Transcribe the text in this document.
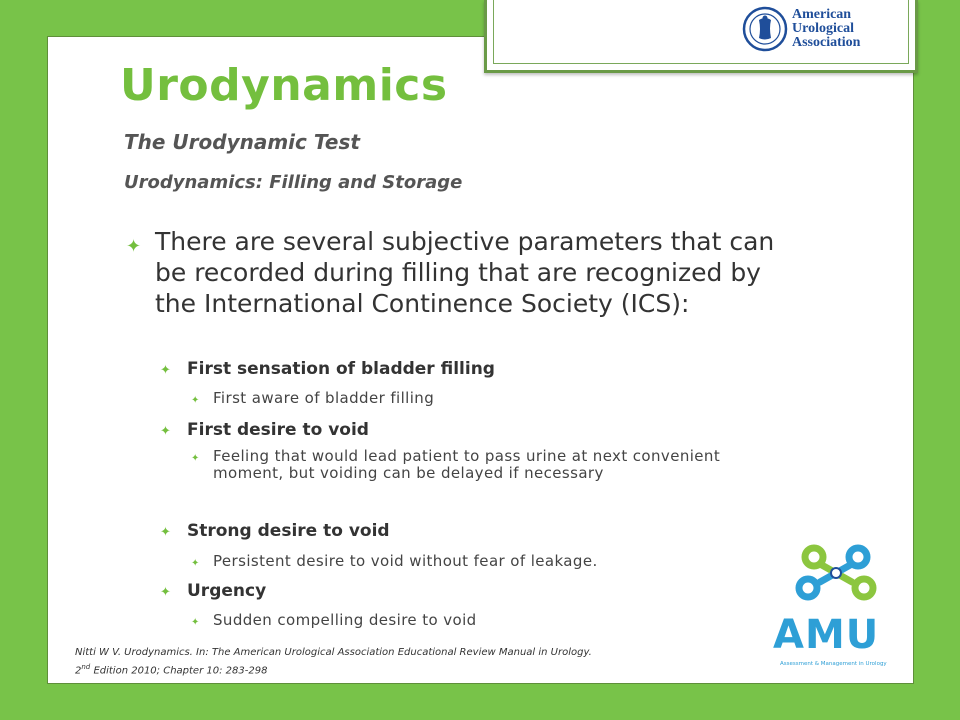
American
Urological
Association
Urodynamics
The Urodynamic Test
Urodynamics: Filling and Storage
✦ There are several subjective parameters that can be recorded during filling that are recognized by the International Continence Society (ICS):
✦ First sensation of bladder filling
✦ First aware of bladder filling
✦ First desire to void
✦ Feeling that would lead patient to pass urine at next convenient moment, but voiding can be delayed if necessary
✦ Strong desire to void
✦ Persistent desire to void without fear of leakage.
✦ Urgency
✦ Sudden compelling desire to void
Nitti W V. Urodynamics. In: The American Urological Association Educational Review Manual in Urology.
2nd Edition 2010; Chapter 10: 283-298
AMU
Assessment & Management in Urology
